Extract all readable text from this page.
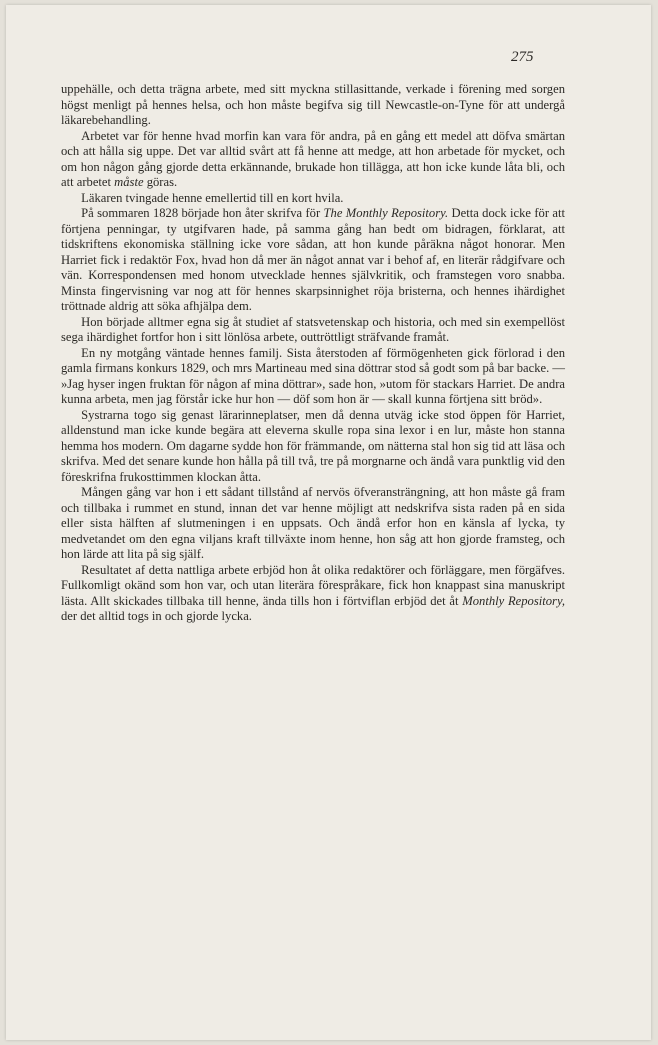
275

uppehälle, och detta trägna arbete, med sitt myckna stillasittande, verkade i förening med sorgen högst menligt på hennes helsa, och hon måste begifva sig till Newcastle-on-Tyne för att undergå läkarebehandling.

Arbetet var för henne hvad morfin kan vara för andra, på en gång ett medel att döfva smärtan och att hålla sig uppe. Det var alltid svårt att få henne att medge, att hon arbetade för mycket, och om hon någon gång gjorde detta erkännande, brukade hon tillägga, att hon icke kunde låta bli, och att arbetet måste göras.

Läkaren tvingade henne emellertid till en kort hvila.

På sommaren 1828 började hon åter skrifva för The Monthly Repository. Detta dock icke för att förtjena penningar, ty utgifvaren hade, på samma gång han bedt om bidragen, förklarat, att tidskriftens ekonomiska ställning icke vore sådan, att hon kunde påräkna något honorar. Men Harriet fick i redaktör Fox, hvad hon då mer än något annat var i behof af, en literär rådgifvare och vän. Korrespondensen med honom utvecklade hennes självkritik, och framstegen voro snabba. Minsta fingervisning var nog att för hennes skarpsinnighet röja bristerna, och hennes ihärdighet tröttnade aldrig att söka afhjälpa dem.

Hon började alltmer egna sig åt studiet af statsvetenskap och historia, och med sin exempellöst sega ihärdighet fortfor hon i sitt lönlösa arbete, outtröttligt sträfvande framåt.

En ny motgång väntade hennes familj. Sista återstoden af förmögenheten gick förlorad i den gamla firmans konkurs 1829, och mrs Martineau med sina döttrar stod så godt som på bar backe. — »Jag hyser ingen fruktan för någon af mina döttrar», sade hon, »utom för stackars Harriet. De andra kunna arbeta, men jag förstår icke hur hon — döf som hon är — skall kunna förtjena sitt bröd».

Systrarna togo sig genast lärarinneplatser, men då denna utväg icke stod öppen för Harriet, alldenstund man icke kunde begära att eleverna skulle ropa sina lexor i en lur, måste hon stanna hemma hos modern. Om dagarne sydde hon för främmande, om nätterna stal hon sig tid att läsa och skrifva. Med det senare kunde hon hålla på till två, tre på morgnarne och ändå vara punktlig vid den föreskrifna frukosttimmen klockan åtta.

Mången gång var hon i ett sådant tillstånd af nervös öfveransträngning, att hon måste gå fram och tillbaka i rummet en stund, innan det var henne möjligt att nedskrifva sista raden på en sida eller sista hälften af slutmeningen i en uppsats. Och ändå erfor hon en känsla af lycka, ty medvetandet om den egna viljans kraft tillväxte inom henne, hon såg att hon gjorde framsteg, och hon lärde att lita på sig själf.

Resultatet af detta nattliga arbete erbjöd hon åt olika redaktörer och förläggare, men förgäfves. Fullkomligt okänd som hon var, och utan literära förespråkare, fick hon knappast sina manuskript lästa. Allt skickades tillbaka till henne, ända tills hon i förtviflan erbjöd det åt Monthly Repository, der det alltid togs in och gjorde lycka.
